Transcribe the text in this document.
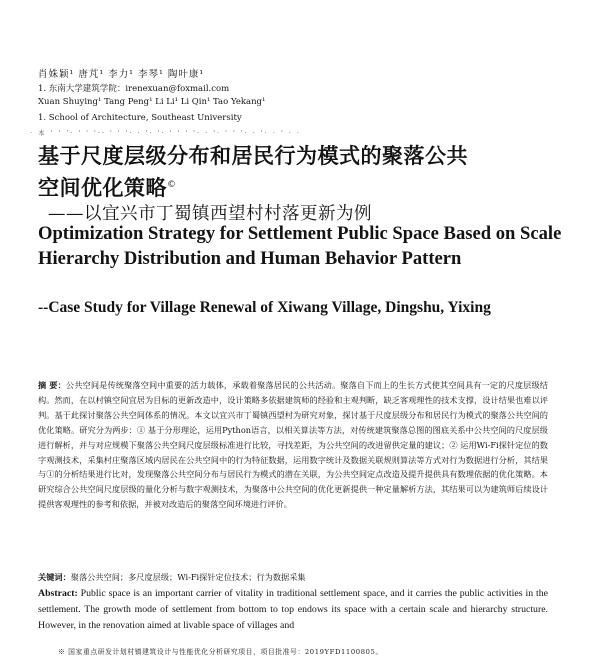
肖姝颖¹ 唐芃¹ 李力¹ 李琴¹ 陶叶康¹
1. 东南大学建筑学院：irenexuan@foxmail.com
Xuan Shuying¹ Tang Peng¹ Li Li¹ Li Qin¹ Tao Yekang¹
1. School of Architecture, Southeast University
· 本 ' ' '· ' ' '·· ' ' '· · '· '· ' ' ' '· · '· ' ' '· · '· · ' · ·
基于尺度层级分布和居民行为模式的聚落公共
空间优化策略©
——以宜兴市丁蜀镇西望村村落更新为例
Optimization Strategy for Settlement Public Space Based on Scale Hierarchy Distribution and Human Behavior Pattern
--Case Study for Village Renewal of Xiwang Village, Dingshu, Yixing
摘 要：公共空间是传统聚落空间中重要的活力载体，承载着聚落居民的公共活动。聚落自下而上的生长方式使其空间具有一定的尺度层级结构。然而，在以村镇空间宜居为目标的更新改造中，设计策略多依据建筑师的经验和主观判断，缺乏客观理性的技术支撑，设计结果也难以评判。基于此探讨聚落公共空间体系的情况。本文以宜兴市丁蜀镇西望村为研究对象，探讨基于尺度层级分布和居民行为模式的聚落公共空间的优化策略。研究分为两步：① 基于分形理论，运用Python语言，以相关算法等方法，对传统建筑聚落总图的图底关系中公共空间的尺度层级进行解析，并与对应规模下聚落公共空间尺度层级标准进行比较，寻找差距，为公共空间的改进留供定量的建议；② 运用Wi-Fi探针定位的数字观测技术，采集村庄聚落区域内居民在公共空间中的行为特征数据，运用数字统计及数据关联规则算法等方式对行为数据进行分析，其结果与①的分析结果进行比对，发现聚落公共空间分布与居民行为模式的潜在关联，为公共空间定点改造及提升提供具有数理依据的优化策略。本研究综合公共空间尺度层级的量化分析与数字观测技术，为聚落中公共空间的优化更新提供一种定量解析方法，其结果可以为建筑师后续设计提供客观理性的参考和依据，并被对改造后的聚落空间环境进行评价。
关键词：聚落公共空间；多尺度层级；Wi-Fi探针定位技术；行为数据采集
Abstract: Public space is an important carrier of vitality in traditional settlement space, and it carries the public activities in the settlement. The growth mode of settlement from bottom to top endows its space with a certain scale and hierarchy structure. However, in the renovation aimed at livable space of villages and
※ 国家重点研发计划村镇建筑设计与性能优化分析研究项目，项目批准号：2019YFD1100805。
